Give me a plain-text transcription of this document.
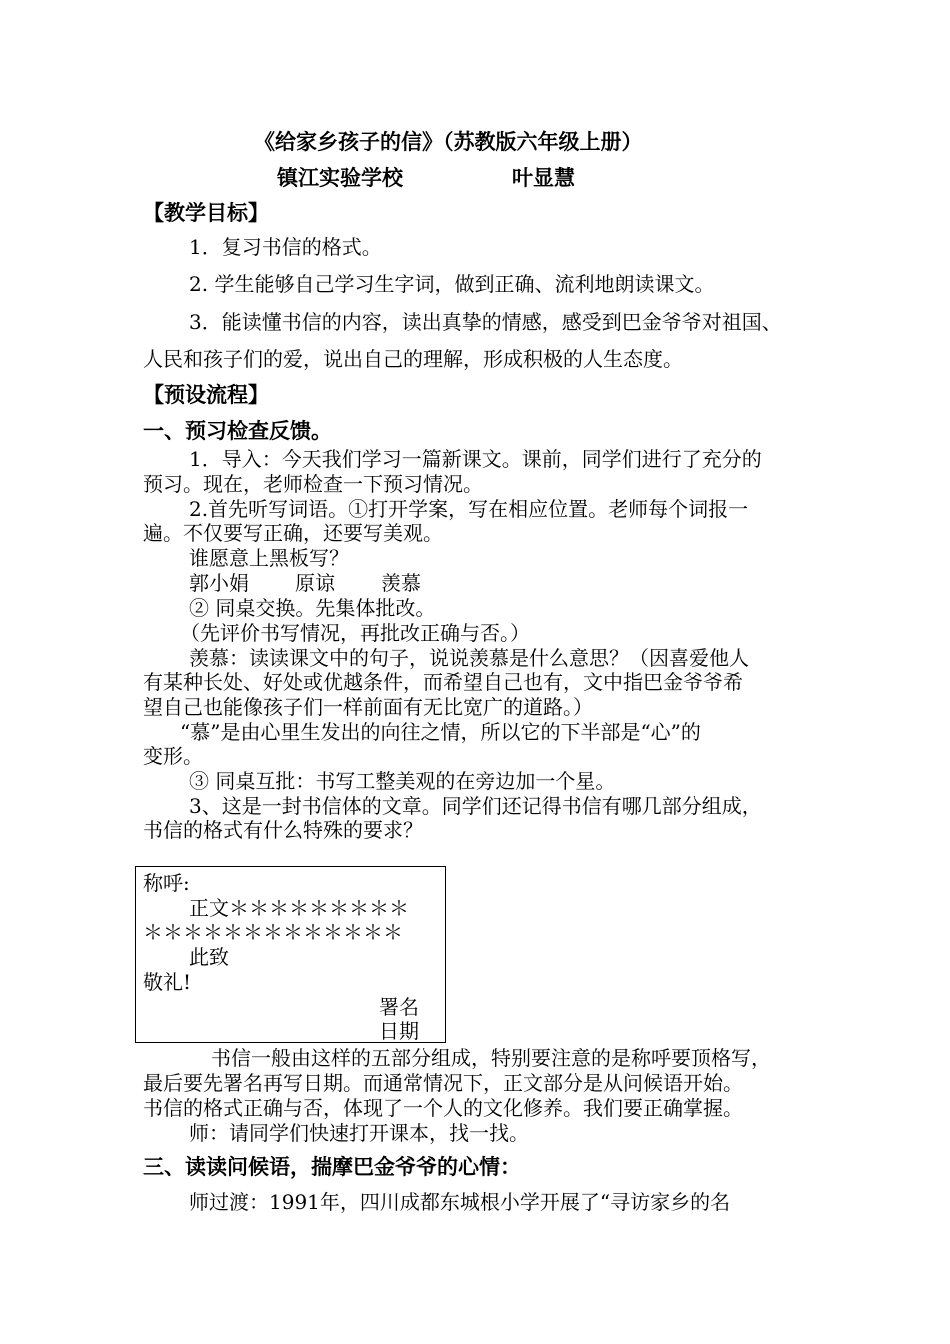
《给家乡孩子的信》（苏教版六年级上册）
镇江实验学校	叶显慧
【教学目标】
1．复习书信的格式。
2. 学生能够自己学习生字词，做到正确、流利地朗读课文。
3．能读懂书信的内容，读出真挚的情感，感受到巴金爷爷对祖国、
人民和孩子们的爱，说出自己的理解，形成积极的人生态度。
【预设流程】
一、预习检查反馈。
1．导入：今天我们学习一篇新课文。课前，同学们进行了充分的
预习。现在，老师检查一下预习情况。
2.首先听写词语。①打开学案，写在相应位置。老师每个词报一
遍。不仅要写正确，还要写美观。
谁愿意上黑板写？
郭小娟 原谅 羡慕
② 同桌交换。先集体批改。
（先评价书写情况，再批改正确与否。）
羡慕：读读课文中的句子，说说羡慕是什么意思？（因喜爱他人
有某种长处、好处或优越条件，而希望自己也有，文中指巴金爷爷希
望自己也能像孩子们一样前面有无比宽广的道路。）
“慕”是由心里生发出的向往之情，所以它的下半部是“心”的
变形。
③ 同桌互批：书写工整美观的在旁边加一个星。
3、这是一封书信体的文章。同学们还记得书信有哪几部分组成，
书信的格式有什么特殊的要求？
称呼:
正文＊＊＊＊＊＊＊＊＊
＊＊＊＊＊＊＊＊＊＊＊＊＊
此致
敬礼!
署名
日期
书信一般由这样的五部分组成，特别要注意的是称呼要顶格写，
最后要先署名再写日期。而通常情况下，正文部分是从问候语开始。
书信的格式正确与否，体现了一个人的文化修养。我们要正确掌握。
师：请同学们快速打开课本，找一找。
三、读读问候语，揣摩巴金爷爷的心情：
师过渡：1991年，四川成都东城根小学开展了“寻访家乡的名
